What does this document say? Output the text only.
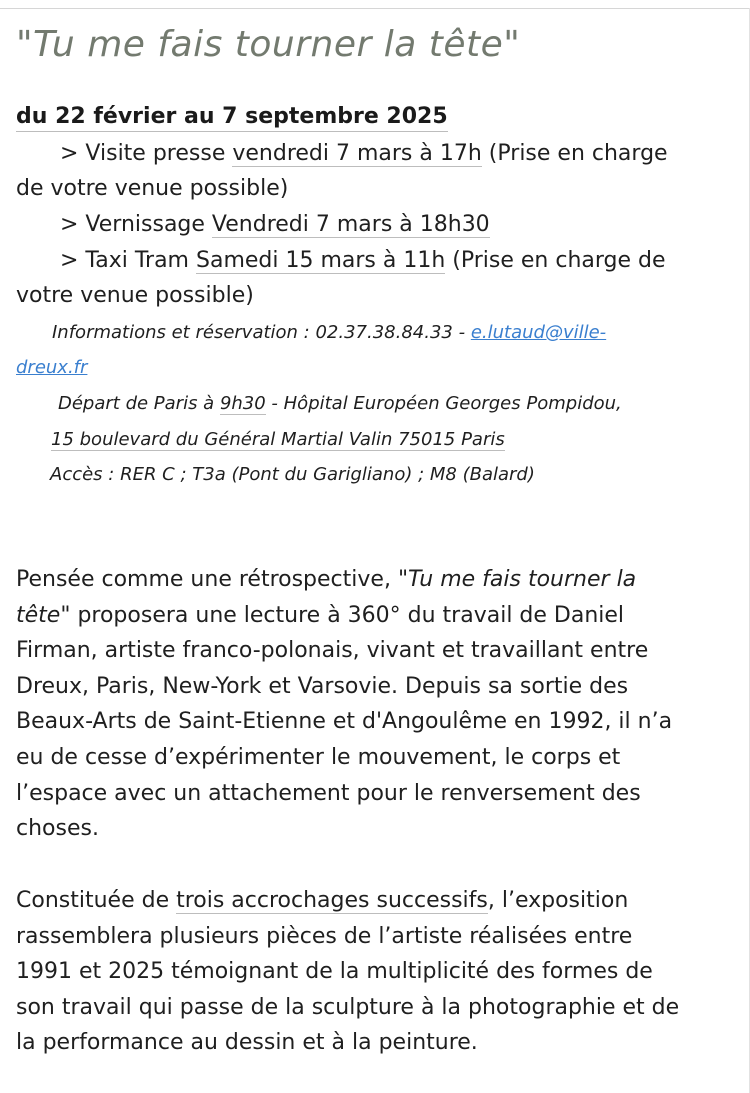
"Tu me fais tourner la tête"
du 22 février au 7 septembre 2025
> Visite presse vendredi 7 mars à 17h (Prise en charge
de votre venue possible)
> Vernissage Vendredi 7 mars à 18h30
> Taxi Tram Samedi 15 mars à 11h (Prise en charge de
votre venue possible)
Informations et réservation : 02.37.38.84.33 - e.lutaud@ville-
dreux.fr
Départ de Paris à 9h30 - Hôpital Européen Georges Pompidou,
15 boulevard du Général Martial Valin 75015 Paris
Accès : RER C ; T3a (Pont du Garigliano) ; M8 (Balard)
Pensée comme une rétrospective, "Tu me fais tourner la
tête" proposera une lecture à 360° du travail de Daniel
Firman, artiste franco-polonais, vivant et travaillant entre
Dreux, Paris, New-York et Varsovie. Depuis sa sortie des
Beaux-Arts de Saint-Etienne et d'Angoulême en 1992, il n’a
eu de cesse d’expérimenter le mouvement, le corps et
l’espace avec un attachement pour le renversement des
choses.
Constituée de trois accrochages successifs, l’exposition
rassemblera plusieurs pièces de l’artiste réalisées entre
1991 et 2025 témoignant de la multiplicité des formes de
son travail qui passe de la sculpture à la photographie et de
la performance au dessin et à la peinture.
